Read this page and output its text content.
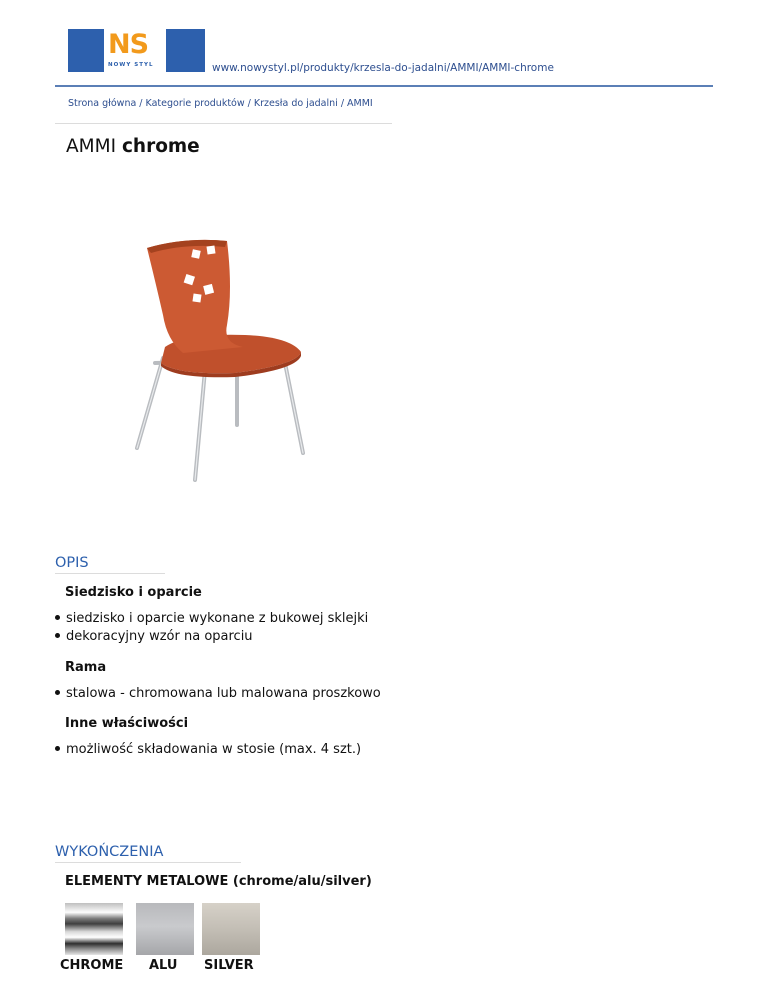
NS
NOWY STYL	www.nowystyl.pl/produkty/krzesla-do-jadalni/AMMI/AMMI-chrome
Strona główna / Kategorie produktów / Krzesła do jadalni / AMMI
AMMI chrome
OPIS
Siedzisko i oparcie
siedzisko i oparcie wykonane z bukowej sklejki
dekoracyjny wzór na oparciu
Rama
stalowa - chromowana lub malowana proszkowo
Inne właściwości
możliwość składowania w stosie (max. 4 szt.)
WYKOŃCZENIA
ELEMENTY METALOWE (chrome/alu/silver)
CHROME ALU SILVER
